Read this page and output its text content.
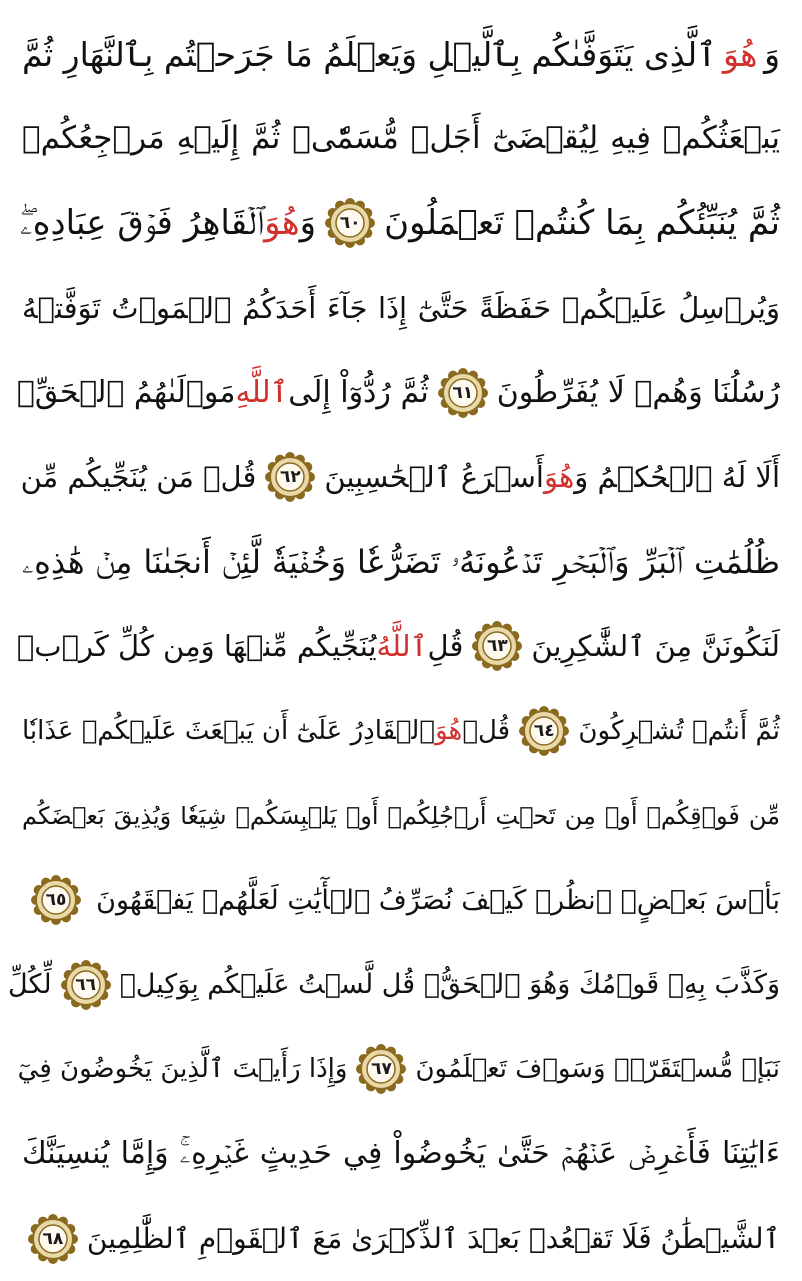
وَ
هُوَ
ٱلَّذِى يَتَوَفَّىٰكُم بِٱلَّيۡلِ وَيَعۡلَمُ مَا جَرَحۡتُم بِٱلنَّهَارِ ثُمَّ
يَبۡعَثُكُمۡ فِيهِ لِيُقۡضَىٰٓ أَجَلٞ مُّسَمّٗىۖ ثُمَّ إِلَيۡهِ مَرۡجِعُكُمۡ
ثُمَّ يُنَبِّئُكُم بِمَا كُنتُمۡ تَعۡمَلُونَ
٦٠
وَ
هُوَ
ٱلۡقَاهِرُ فَوۡقَ عِبَادِهِۦۖ
وَيُرۡسِلُ عَلَيۡكُمۡ حَفَظَةً حَتَّىٰٓ إِذَا جَآءَ أَحَدَكُمُ ٱلۡمَوۡتُ تَوَفَّتۡهُ
رُسُلُنَا وَهُمۡ لَا يُفَرِّطُونَ
٦١
ثُمَّ رُدُّوٓاْ إِلَى
ٱللَّهِ
مَوۡلَىٰهُمُ ٱلۡحَقِّۚ
أَلَا لَهُ ٱلۡحُكۡمُ وَ
هُوَ
أَسۡرَعُ ٱلۡحَٰسِبِينَ
٦٢
قُلۡ مَن يُنَجِّيكُم مِّن
ظُلُمَٰتِ ٱلۡبَرِّ وَٱلۡبَحۡرِ تَدۡعُونَهُۥ تَضَرُّعٗا وَخُفۡيَةٗ لَّئِنۡ أَنجَىٰنَا مِنۡ هَٰذِهِۦ
لَنَكُونَنَّ مِنَ ٱلشَّٰكِرِينَ
٦٣
قُلِ
ٱللَّهُ
يُنَجِّيكُم مِّنۡهَا وَمِن كُلِّ كَرۡبٖ
ثُمَّ أَنتُمۡ تُشۡرِكُونَ
٦٤
قُلۡ
هُوَ
ٱلۡقَادِرُ عَلَىٰٓ أَن يَبۡعَثَ عَلَيۡكُمۡ عَذَابٗا
مِّن فَوۡقِكُمۡ أَوۡ مِن تَحۡتِ أَرۡجُلِكُمۡ أَوۡ يَلۡبِسَكُمۡ شِيَعٗا وَيُذِيقَ بَعۡضَكُم
بَأۡسَ بَعۡضٍۗ ٱنظُرۡ كَيۡفَ نُصَرِّفُ ٱلۡأٓيَٰتِ لَعَلَّهُمۡ يَفۡقَهُونَ
٦٥
وَكَذَّبَ بِهِۦ قَوۡمُكَ وَهُوَ ٱلۡحَقُّۚ قُل لَّسۡتُ عَلَيۡكُم بِوَكِيلٖ
٦٦
لِّكُلِّ
نَبَإٖ مُّسۡتَقَرّٞۚ وَسَوۡفَ تَعۡلَمُونَ
٦٧
وَإِذَا رَأَيۡتَ ٱلَّذِينَ يَخُوضُونَ فِيٓ
ءَايَٰتِنَا فَأَعۡرِضۡ عَنۡهُمۡ حَتَّىٰ يَخُوضُواْ فِي حَدِيثٍ غَيۡرِهِۦۚ وَإِمَّا يُنسِيَنَّكَ
ٱلشَّيۡطَٰنُ فَلَا تَقۡعُدۡ بَعۡدَ ٱلذِّكۡرَىٰ مَعَ ٱلۡقَوۡمِ ٱلظَّٰلِمِينَ
٦٨
